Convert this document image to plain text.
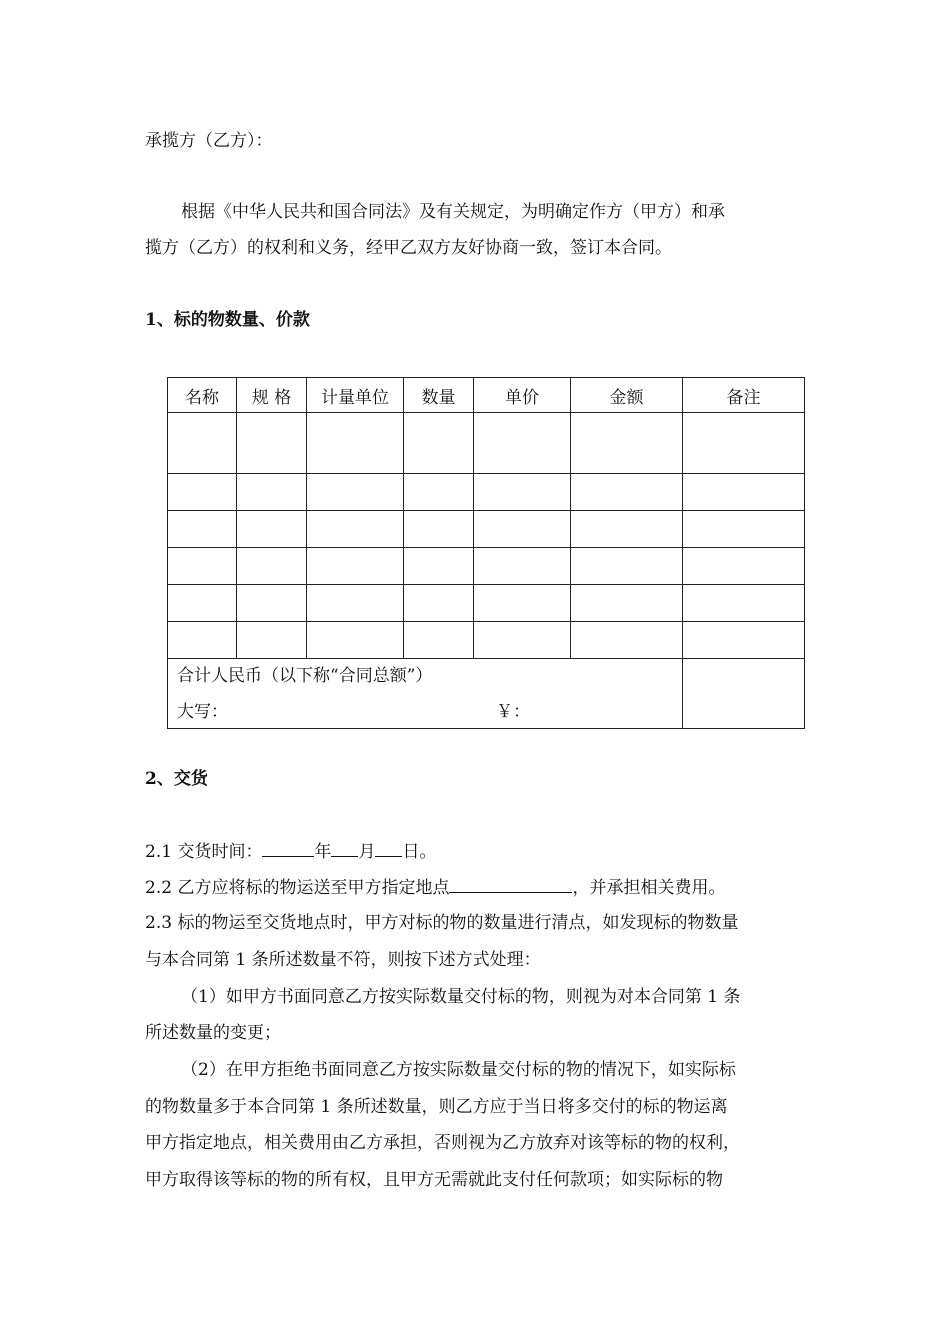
承揽方（乙方）：
根据《中华人民共和国合同法》及有关规定，为明确定作方（甲方）和承
揽方（乙方）的权利和义务，经甲乙双方友好协商一致，签订本合同。
1、标的物数量、价款
名称	规 格	计量单位	数量	单价	金额	备注

合计人民币（以下称“合同总额”）
大写： ￥：						

2、交货
2.1 交货时间：	年 月 日。
2.2 乙方应将标的物运送至甲方指定地点	，并承担相关费用。
2.3 标的物运至交货地点时，甲方对标的物的数量进行清点，如发现标的物数量
与本合同第 1 条所述数量不符，则按下述方式处理：
（1）如甲方书面同意乙方按实际数量交付标的物，则视为对本合同第 1 条
所述数量的变更；
（2）在甲方拒绝书面同意乙方按实际数量交付标的物的情况下，如实际标
的物数量多于本合同第 1 条所述数量，则乙方应于当日将多交付的标的物运离
甲方指定地点，相关费用由乙方承担，否则视为乙方放弃对该等标的物的权利，
甲方取得该等标的物的所有权，且甲方无需就此支付任何款项；如实际标的物
